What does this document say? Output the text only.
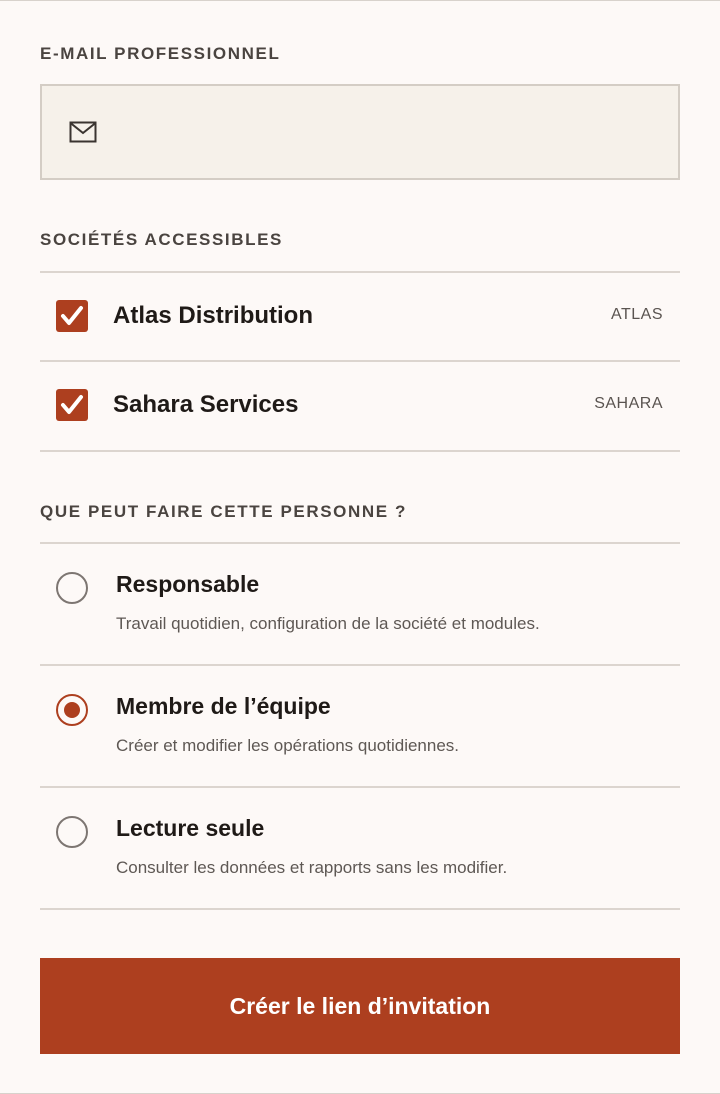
E-MAIL PROFESSIONNEL
SOCIÉTÉS ACCESSIBLES
Atlas Distribution	ATLAS
Sahara Services	SAHARA
QUE PEUT FAIRE CETTE PERSONNE ?
Responsable
Travail quotidien, configuration de la société et modules.
Membre de l’équipe
Créer et modifier les opérations quotidiennes.
Lecture seule
Consulter les données et rapports sans les modifier.
Créer le lien d’invitation
